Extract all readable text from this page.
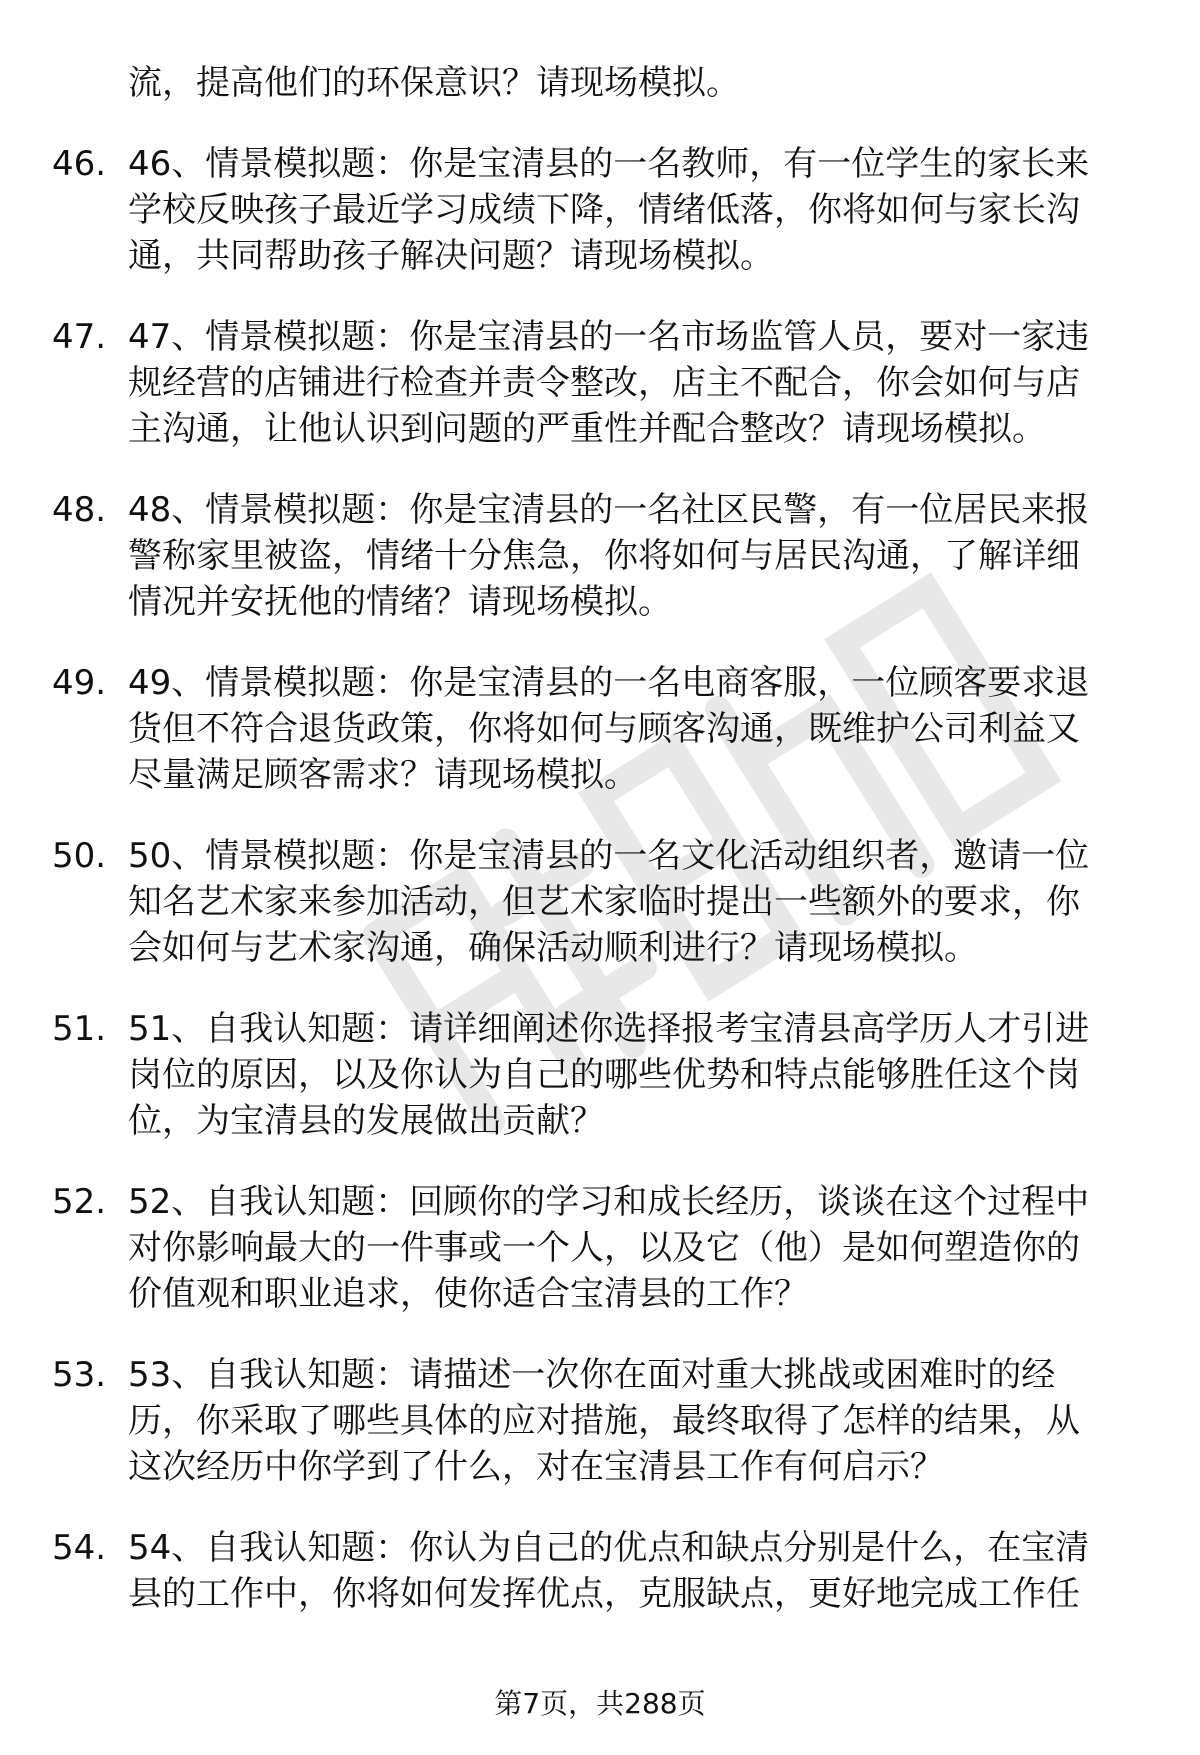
流，提高他们的环保意识？请现场模拟。
46. 46、情景模拟题：你是宝清县的一名教师，有一位学生的家长来
学校反映孩子最近学习成绩下降，情绪低落，你将如何与家长沟
通，共同帮助孩子解决问题？请现场模拟。
47. 47、情景模拟题：你是宝清县的一名市场监管人员，要对一家违
规经营的店铺进行检查并责令整改，店主不配合，你会如何与店
主沟通，让他认识到问题的严重性并配合整改？请现场模拟。
48. 48、情景模拟题：你是宝清县的一名社区民警，有一位居民来报
警称家里被盗，情绪十分焦急，你将如何与居民沟通，了解详细
情况并安抚他的情绪？请现场模拟。
49. 49、情景模拟题：你是宝清县的一名电商客服，一位顾客要求退
货但不符合退货政策，你将如何与顾客沟通，既维护公司利益又
尽量满足顾客需求？请现场模拟。
50. 50、情景模拟题：你是宝清县的一名文化活动组织者，邀请一位
知名艺术家来参加活动，但艺术家临时提出一些额外的要求，你
会如何与艺术家沟通，确保活动顺利进行？请现场模拟。
51. 51、自我认知题：请详细阐述你选择报考宝清县高学历人才引进
岗位的原因，以及你认为自己的哪些优势和特点能够胜任这个岗
位，为宝清县的发展做出贡献？
52. 52、自我认知题：回顾你的学习和成长经历，谈谈在这个过程中
对你影响最大的一件事或一个人，以及它（他）是如何塑造你的
价值观和职业追求，使你适合宝清县的工作？
53. 53、自我认知题：请描述一次你在面对重大挑战或困难时的经
历，你采取了哪些具体的应对措施，最终取得了怎样的结果，从
这次经历中你学到了什么，对在宝清县工作有何启示？
54. 54、自我认知题：你认为自己的优点和缺点分别是什么，在宝清
县的工作中，你将如何发挥优点，克服缺点，更好地完成工作任
第7页，共288页
